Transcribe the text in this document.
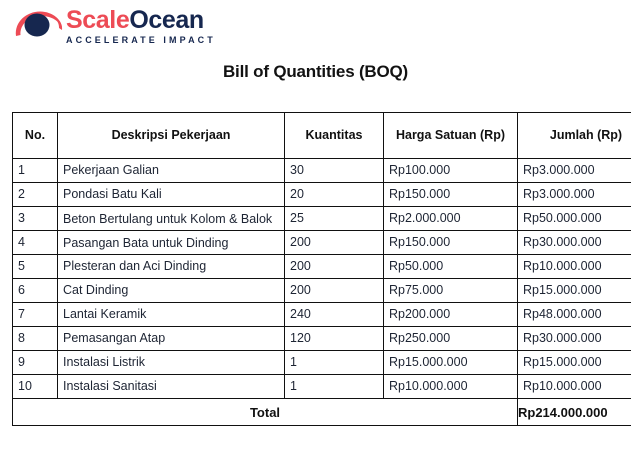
ScaleOcean
ACCELERATE IMPACT
Bill of Quantities (BOQ)
No.	Deskripsi Pekerjaan	Kuantitas	Harga Satuan (Rp)	Jumlah (Rp)
1	Pekerjaan Galian	30	Rp100.000	Rp3.000.000
2	Pondasi Batu Kali	20	Rp150.000	Rp3.000.000
3	Beton Bertulang untuk Kolom & Balok	25	Rp2.000.000	Rp50.000.000
4	Pasangan Bata untuk Dinding	200	Rp150.000	Rp30.000.000
5	Plesteran dan Aci Dinding	200	Rp50.000	Rp10.000.000
6	Cat Dinding	200	Rp75.000	Rp15.000.000
7	Lantai Keramik	240	Rp200.000	Rp48.000.000
8	Pemasangan Atap	120	Rp250.000	Rp30.000.000
9	Instalasi Listrik	1	Rp15.000.000	Rp15.000.000
10	Instalasi Sanitasi	1	Rp10.000.000	Rp10.000.000
Total				Rp214.000.000
